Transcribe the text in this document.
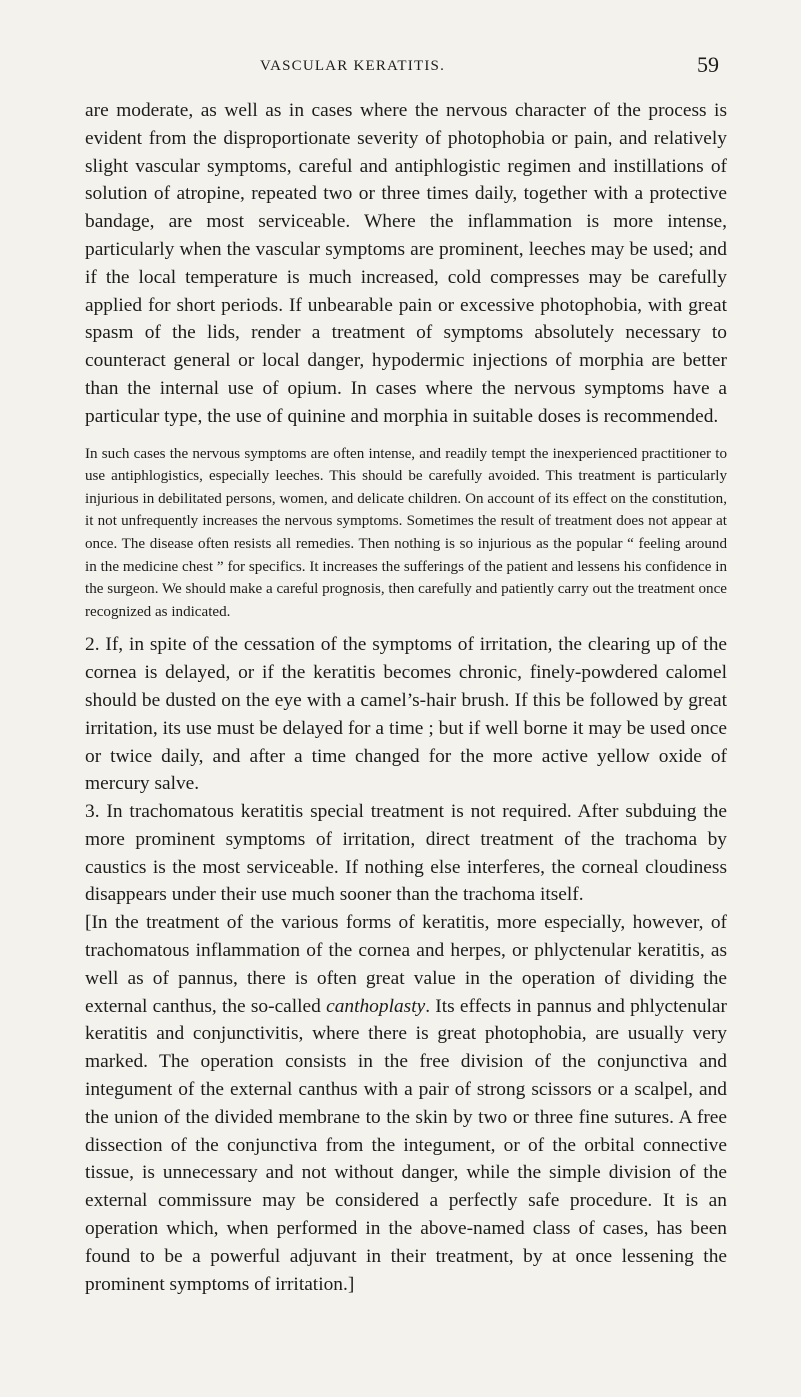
VASCULAR KERATITIS.	59

are moderate, as well as in cases where the nervous character of the process is evident from the disproportionate severity of photophobia or pain, and relatively slight vascular symptoms, careful and antiphlogistic regimen and instillations of solution of atropine, repeated two or three times daily, together with a protective bandage, are most serviceable. Where the inflammation is more intense, particularly when the vascular symptoms are prominent, leeches may be used; and if the local temperature is much increased, cold compresses may be carefully applied for short periods. If unbearable pain or excessive photophobia, with great spasm of the lids, render a treatment of symptoms absolutely necessary to counteract general or local danger, hypodermic injections of morphia are better than the internal use of opium. In cases where the nervous symptoms have a particular type, the use of quinine and morphia in suitable doses is recommended.

In such cases the nervous symptoms are often intense, and readily tempt the inexperienced practitioner to use antiphlogistics, especially leeches. This should be carefully avoided. This treatment is particularly injurious in debilitated persons, women, and delicate children. On account of its effect on the constitution, it not unfrequently increases the nervous symptoms. Sometimes the result of treatment does not appear at once. The disease often resists all remedies. Then nothing is so injurious as the popular “ feeling around in the medicine chest ” for specifics. It increases the sufferings of the patient and lessens his confidence in the surgeon. We should make a careful prognosis, then carefully and patiently carry out the treatment once recognized as indicated.

2. If, in spite of the cessation of the symptoms of irritation, the clearing up of the cornea is delayed, or if the keratitis becomes chronic, finely-powdered calomel should be dusted on the eye with a camel’s-hair brush. If this be followed by great irritation, its use must be delayed for a time ; but if well borne it may be used once or twice daily, and after a time changed for the more active yellow oxide of mercury salve.

3. In trachomatous keratitis special treatment is not required. After subduing the more prominent symptoms of irritation, direct treatment of the trachoma by caustics is the most serviceable. If nothing else interferes, the corneal cloudiness disappears under their use much sooner than the trachoma itself.

[In the treatment of the various forms of keratitis, more especially, however, of trachomatous inflammation of the cornea and herpes, or phlyctenular keratitis, as well as of pannus, there is often great value in the operation of dividing the external canthus, the so-called canthoplasty. Its effects in pannus and phlyctenular keratitis and conjunctivitis, where there is great photophobia, are usually very marked. The operation consists in the free division of the conjunctiva and integument of the external canthus with a pair of strong scissors or a scalpel, and the union of the divided membrane to the skin by two or three fine sutures. A free dissection of the conjunctiva from the integument, or of the orbital connective tissue, is unnecessary and not without danger, while the simple division of the external commissure may be considered a perfectly safe procedure. It is an operation which, when performed in the above-named class of cases, has been found to be a powerful adjuvant in their treatment, by at once lessening the prominent symptoms of irritation.]
